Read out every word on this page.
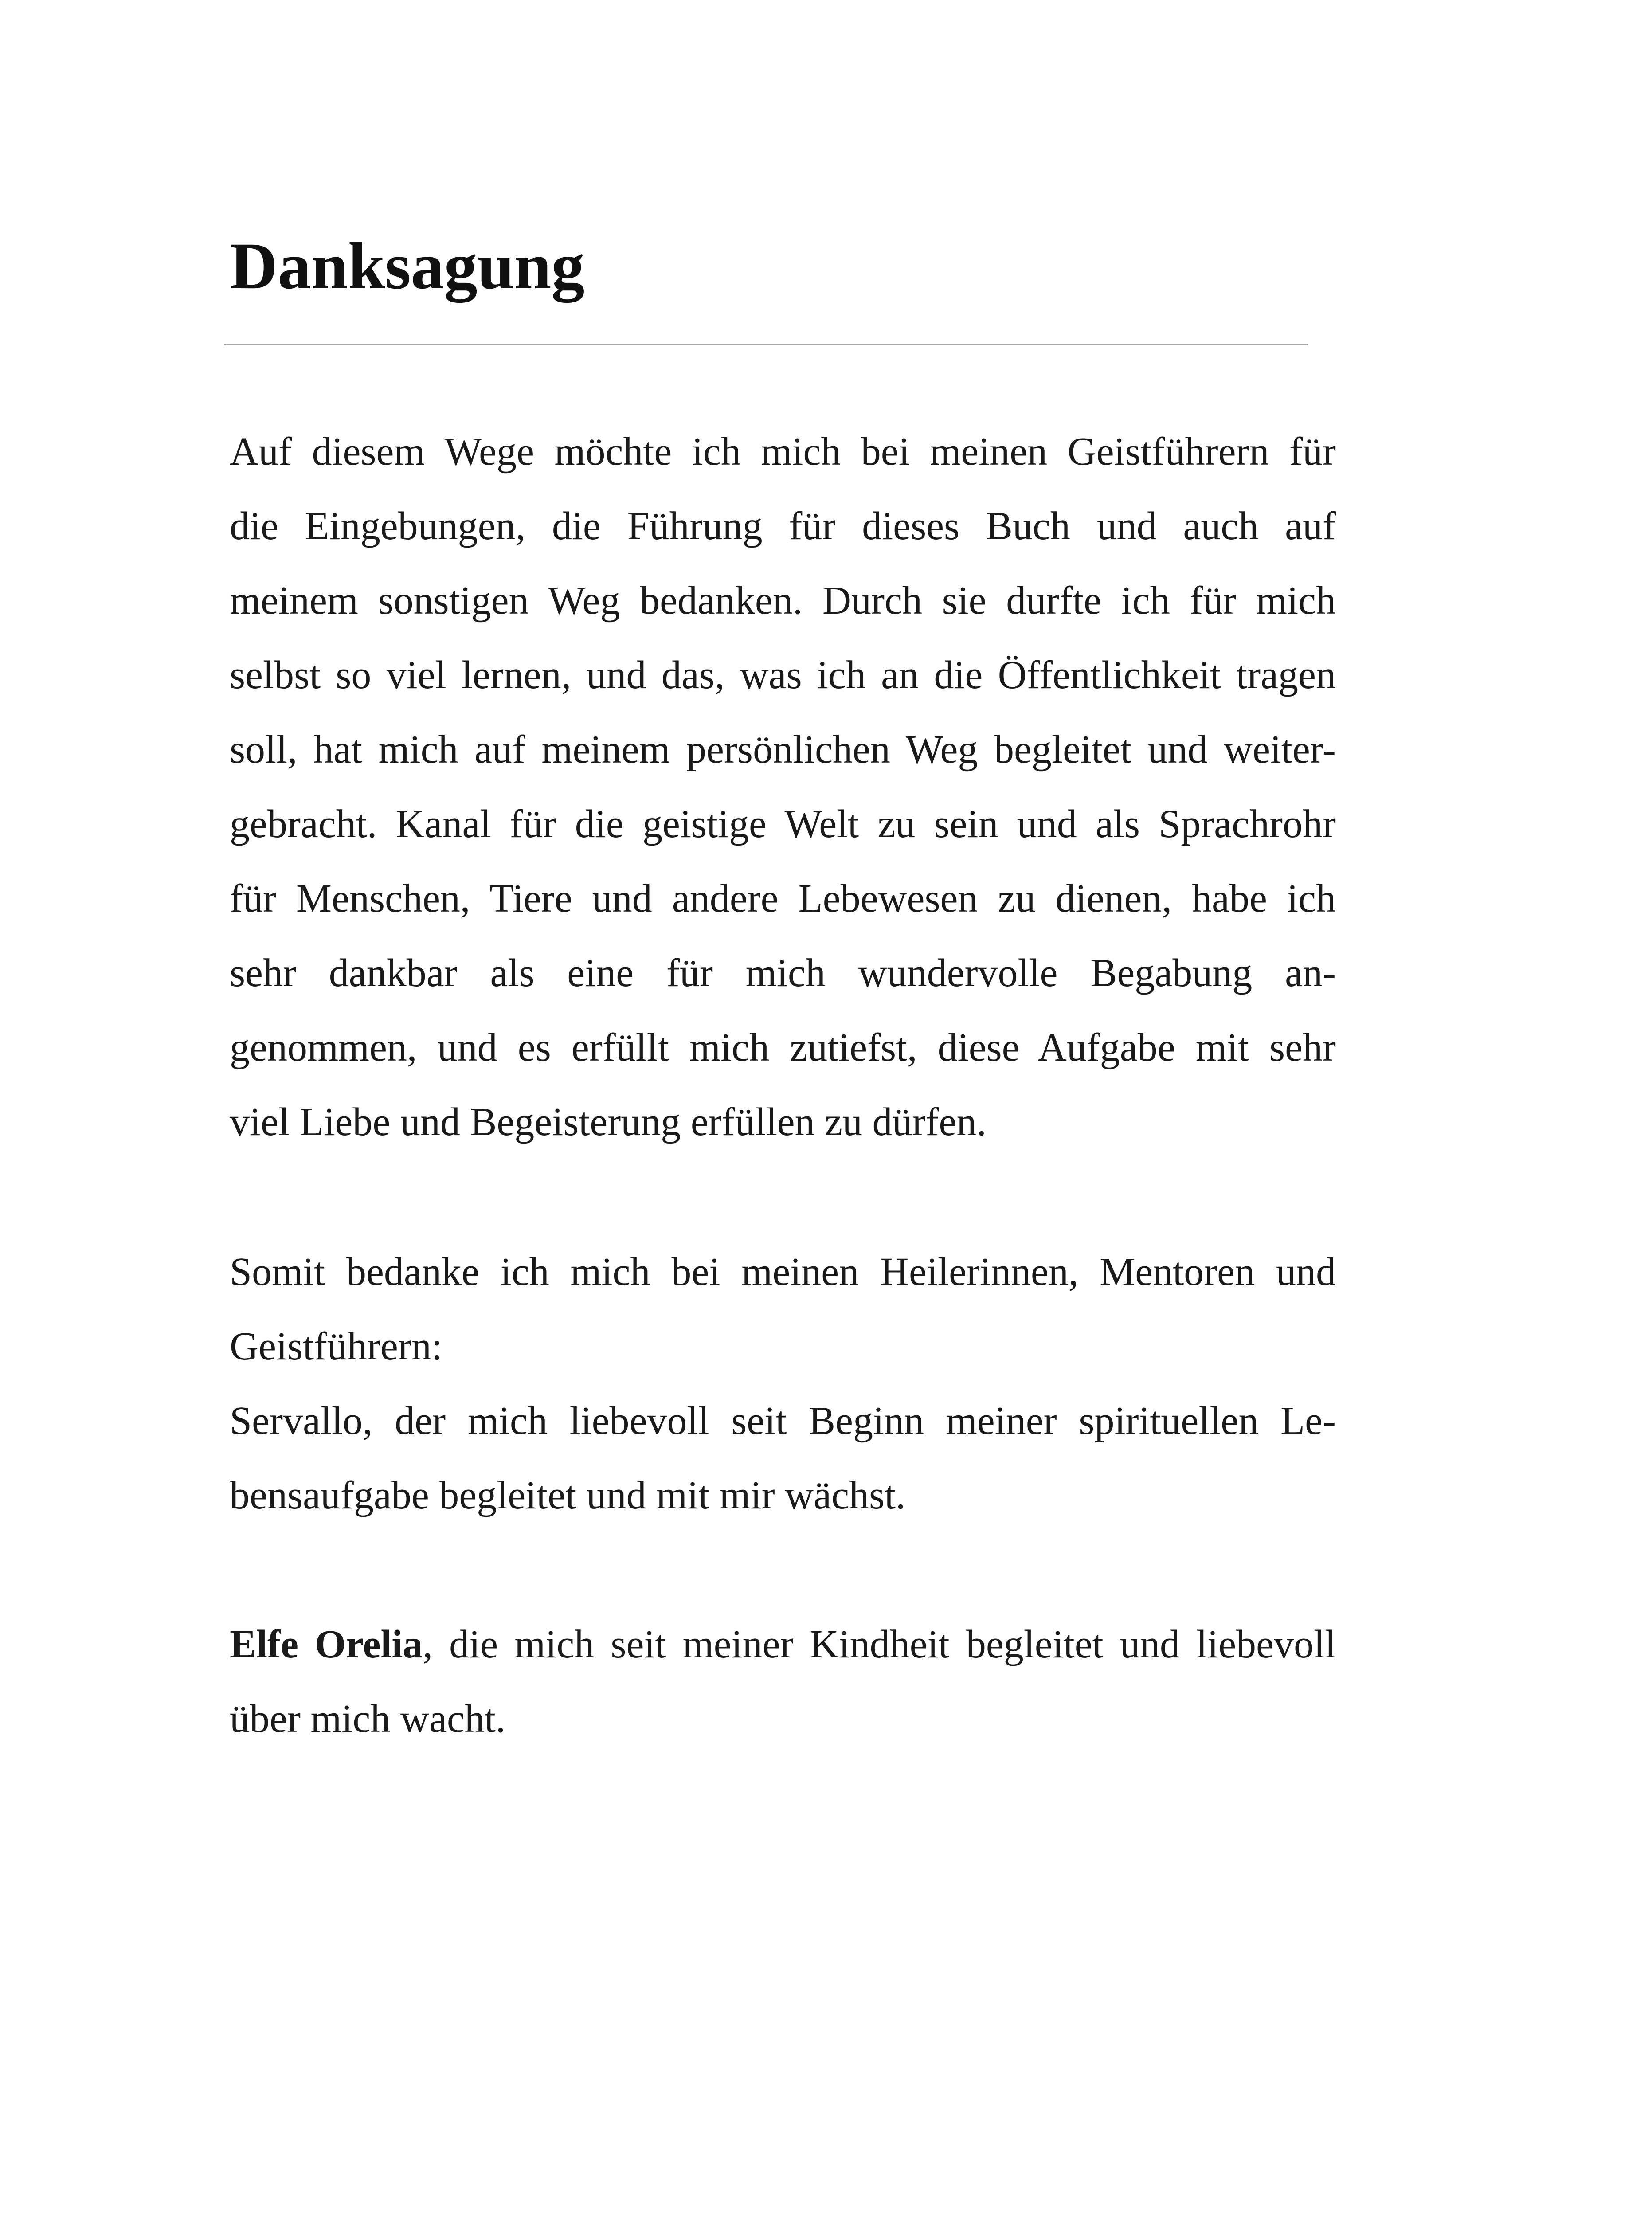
Danksagung

Auf diesem Wege möchte ich mich bei meinen Geistführern für
die Eingebungen, die Führung für dieses Buch und auch auf
meinem sonstigen Weg bedanken. Durch sie durfte ich für mich
selbst so viel lernen, und das, was ich an die Öffentlichkeit tragen
soll, hat mich auf meinem persönlichen Weg begleitet und weiter-
gebracht. Kanal für die geistige Welt zu sein und als Sprachrohr
für Menschen, Tiere und andere Lebewesen zu dienen, habe ich
sehr dankbar als eine für mich wundervolle Begabung an-
genommen, und es erfüllt mich zutiefst, diese Aufgabe mit sehr
viel Liebe und Begeisterung erfüllen zu dürfen.

Somit bedanke ich mich bei meinen Heilerinnen, Mentoren und
Geistführern:
Servallo, der mich liebevoll seit Beginn meiner spirituellen Le-
bensaufgabe begleitet und mit mir wächst.

Elfe Orelia, die mich seit meiner Kindheit begleitet und liebevoll
über mich wacht.
